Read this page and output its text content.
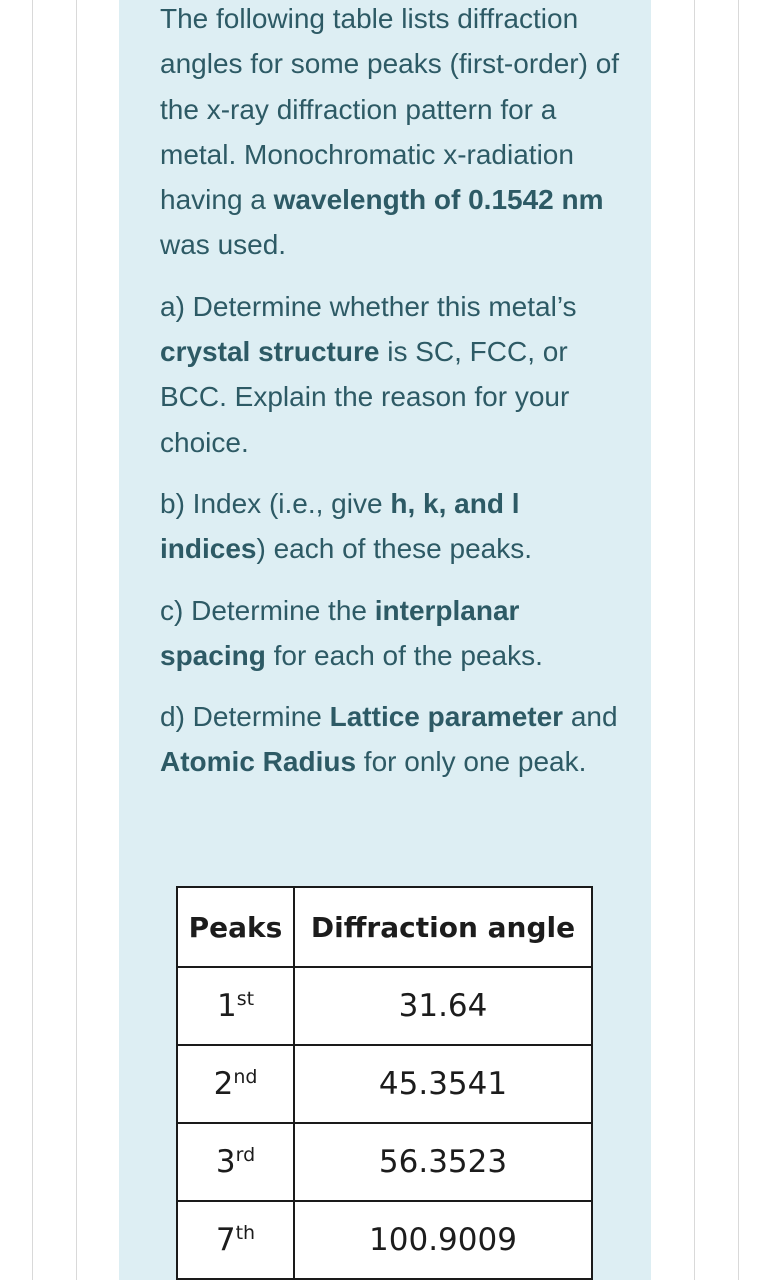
The following table lists diffraction angles for some peaks (first-order) of the x-ray diffraction pattern for a metal. Monochromatic x-radiation having a wavelength of 0.1542 nm was used.

a) Determine whether this metal’s crystal structure is SC, FCC, or BCC. Explain the reason for your choice.

b) Index (i.e., give h, k, and l indices) each of these peaks.

c) Determine the interplanar spacing for each of the peaks.

d) Determine Lattice parameter and Atomic Radius for only one peak.

Peaks	Diffraction angle
1st	31.64
2nd	45.3541
3rd	56.3523
7th	100.9009
